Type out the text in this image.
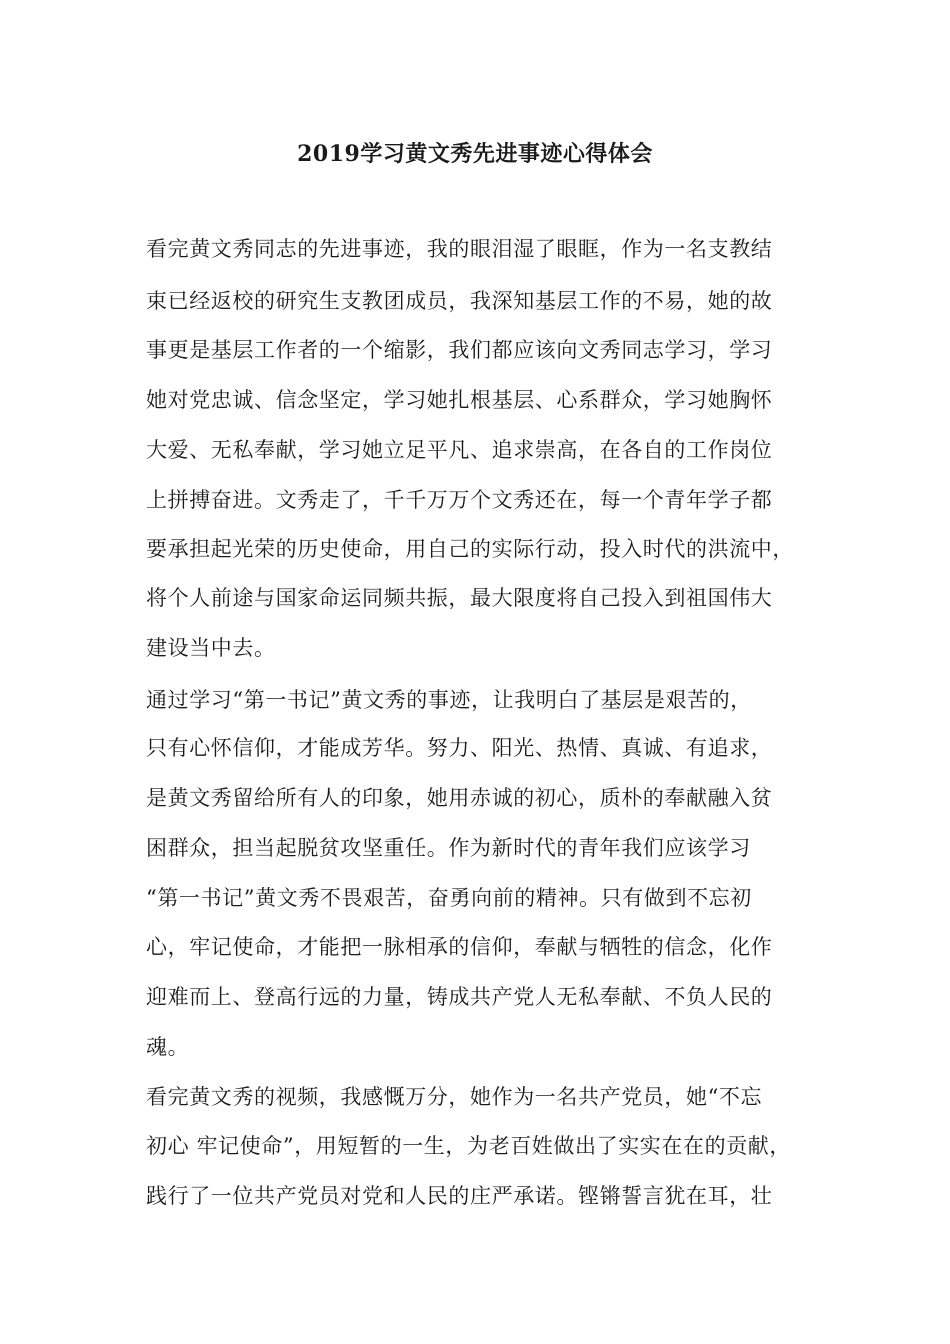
2019学习黄文秀先进事迹心得体会
看完黄文秀同志的先进事迹，我的眼泪湿了眼眶，作为一名支教结
束已经返校的研究生支教团成员，我深知基层工作的不易，她的故
事更是基层工作者的一个缩影，我们都应该向文秀同志学习，学习
她对党忠诚、信念坚定，学习她扎根基层、心系群众，学习她胸怀
大爱、无私奉献，学习她立足平凡、追求崇高，在各自的工作岗位
上拼搏奋进。文秀走了，千千万万个文秀还在，每一个青年学子都
要承担起光荣的历史使命，用自己的实际行动，投入时代的洪流中，
将个人前途与国家命运同频共振，最大限度将自己投入到祖国伟大
建设当中去。
通过学习“第一书记”黄文秀的事迹，让我明白了基层是艰苦的，
只有心怀信仰，才能成芳华。努力、阳光、热情、真诚、有追求，
是黄文秀留给所有人的印象，她用赤诚的初心，质朴的奉献融入贫
困群众，担当起脱贫攻坚重任。作为新时代的青年我们应该学习
“第一书记”黄文秀不畏艰苦，奋勇向前的精神。只有做到不忘初
心，牢记使命，才能把一脉相承的信仰，奉献与牺牲的信念，化作
迎难而上、登高行远的力量，铸成共产党人无私奉献、不负人民的
魂。
看完黄文秀的视频，我感慨万分，她作为一名共产党员，她“不忘
初心 牢记使命”，用短暂的一生，为老百姓做出了实实在在的贡献，
践行了一位共产党员对党和人民的庄严承诺。铿锵誓言犹在耳，壮
